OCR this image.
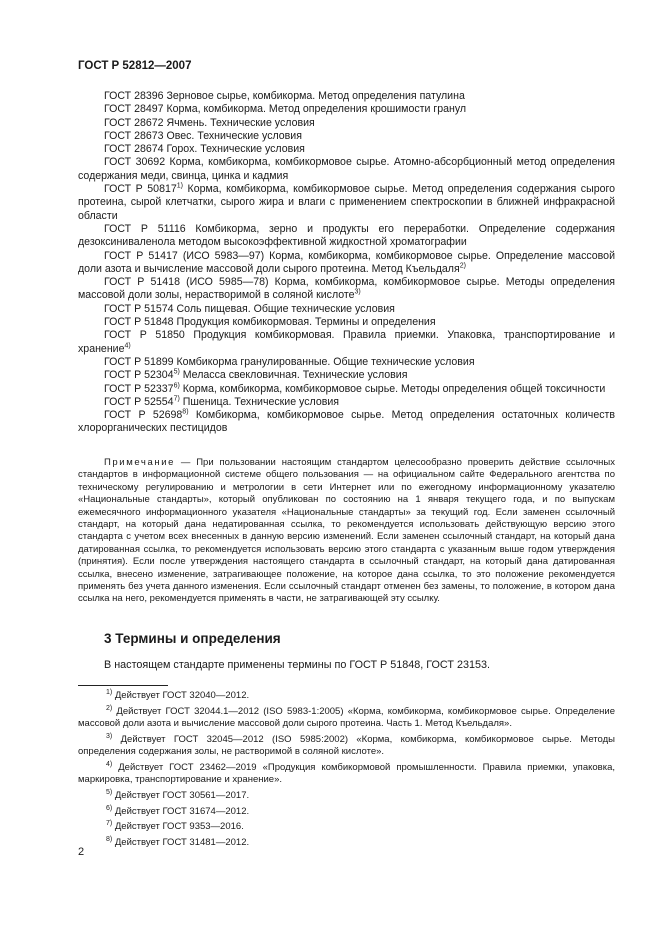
ГОСТ Р 52812—2007

ГОСТ 28396 Зерновое сырье, комбикорма. Метод определения патулина

ГОСТ 28497 Корма, комбикорма. Метод определения крошимости гранул

ГОСТ 28672 Ячмень. Технические условия

ГОСТ 28673 Овес. Технические условия

ГОСТ 28674 Горох. Технические условия

ГОСТ 30692 Корма, комбикорма, комбикормовое сырье. Атомно-абсорбционный метод определения содержания меди, свинца, цинка и кадмия

ГОСТ Р 50817$^{1)}$ Корма, комбикорма, комбикормовое сырье. Метод определения содержания сырого протеина, сырой клетчатки, сырого жира и влаги с применением спектроскопии в ближней инфракрасной области

ГОСТ Р 51116 Комбикорма, зерно и продукты его переработки. Определение содержания дезоксиниваленола методом высокоэффективной жидкостной хроматографии

ГОСТ Р 51417 (ИСО 5983—97) Корма, комбикорма, комбикормовое сырье. Определение массовой доли азота и вычисление массовой доли сырого протеина. Метод Къельдаля$^{2)}$

ГОСТ Р 51418 (ИСО 5985—78) Корма, комбикорма, комбикормовое сырье. Методы определения массовой доли золы, нерастворимой в соляной кислоте$^{3)}$

ГОСТ Р 51574 Соль пищевая. Общие технические условия

ГОСТ Р 51848 Продукция комбикормовая. Термины и определения

ГОСТ Р 51850 Продукция комбикормовая. Правила приемки. Упаковка, транспортирование и хранение$^{4)}$

ГОСТ Р 51899 Комбикорма гранулированные. Общие технические условия

ГОСТ Р 52304$^{5)}$ Меласса свекловичная. Технические условия

ГОСТ Р 52337$^{6)}$ Корма, комбикорма, комбикормовое сырье. Методы определения общей токсичности

ГОСТ Р 52554$^{7)}$ Пшеница. Технические условия

ГОСТ Р 52698$^{8)}$ Комбикорма, комбикормовое сырье. Метод определения остаточных количеств хлорорганических пестицидов

Примечание — При пользовании настоящим стандартом целесообразно проверить действие ссылочных стандартов в информационной системе общего пользования — на официальном сайте Федерального агентства по техническому регулированию и метрологии в сети Интернет или по ежегодному информационному указателю «Национальные стандарты», который опубликован по состоянию на 1 января текущего года, и по выпускам ежемесячного информационного указателя «Национальные стандарты» за текущий год. Если заменен ссылочный стандарт, на который дана недатированная ссылка, то рекомендуется использовать действующую версию этого стандарта с учетом всех внесенных в данную версию изменений. Если заменен ссылочный стандарт, на который дана датированная ссылка, то рекомендуется использовать версию этого стандарта с указанным выше годом утверждения (принятия). Если после утверждения настоящего стандарта в ссылочный стандарт, на который дана датированная ссылка, внесено изменение, затрагивающее положение, на которое дана ссылка, то это положение рекомендуется применять без учета данного изменения. Если ссылочный стандарт отменен без замены, то положение, в котором дана ссылка на него, рекомендуется применять в части, не затрагивающей эту ссылку.

3 Термины и определения
В настоящем стандарте применены термины по ГОСТ Р 51848, ГОСТ 23153.

$^{1)}$ Действует ГОСТ 32040—2012.

$^{2)}$ Действует ГОСТ 32044.1—2012 (ISO 5983-1:2005) «Корма, комбикорма, комбикормовое сырье. Определение массовой доли азота и вычисление массовой доли сырого протеина. Часть 1. Метод Къельдаля».

$^{3)}$ Действует ГОСТ 32045—2012 (ISO 5985:2002) «Корма, комбикорма, комбикормовое сырье. Методы определения содержания золы, не растворимой в соляной кислоте».

$^{4)}$ Действует ГОСТ 23462—2019 «Продукция комбикормовой промышленности. Правила приемки, упаковка, маркировка, транспортирование и хранение».

$^{5)}$ Действует ГОСТ 30561—2017.

$^{6)}$ Действует ГОСТ 31674—2012.

$^{7)}$ Действует ГОСТ 9353—2016.

$^{8)}$ Действует ГОСТ 31481—2012.

2
